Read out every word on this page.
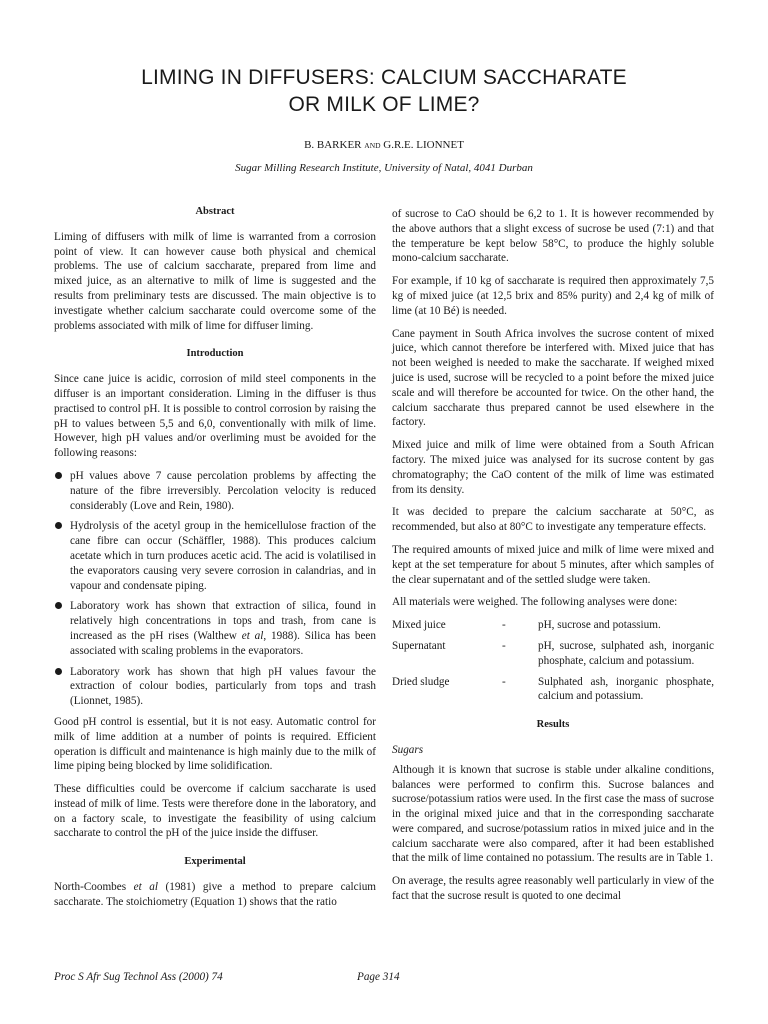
LIMING IN DIFFUSERS: CALCIUM SACCHARATE
OR MILK OF LIME?
B. BARKER AND G.R.E. LIONNET
Sugar Milling Research Institute, University of Natal, 4041 Durban
Abstract

Liming of diffusers with milk of lime is warranted from a corrosion point of view. It can however cause both physical and chemical problems. The use of calcium saccharate, prepared from lime and mixed juice, as an alternative to milk of lime is suggested and the results from preliminary tests are discussed. The main objective is to investigate whether calcium saccharate could overcome some of the problems associated with milk of lime for diffuser liming.

Introduction

Since cane juice is acidic, corrosion of mild steel components in the diffuser is an important consideration. Liming in the diffuser is thus practised to control pH. It is possible to control corrosion by raising the pH to values between 5,5 and 6,0, conventionally with milk of lime. However, high pH values and/or overliming must be avoided for the following reasons:

pH values above 7 cause percolation problems by affecting the nature of the fibre irreversibly. Percolation velocity is reduced considerably (Love and Rein, 1980).
Hydrolysis of the acetyl group in the hemicellulose fraction of the cane fibre can occur (Schäffler, 1988). This produces calcium acetate which in turn produces acetic acid. The acid is volatilised in the evaporators causing very severe corrosion in calandrias, and in vapour and condensate piping.
Laboratory work has shown that extraction of silica, found in relatively high concentrations in tops and trash, from cane is increased as the pH rises (Walthew et al, 1988). Silica has been associated with scaling problems in the evaporators.
Laboratory work has shown that high pH values favour the extraction of colour bodies, particularly from tops and trash (Lionnet, 1985).

Good pH control is essential, but it is not easy. Automatic control for milk of lime addition at a number of points is required. Efficient operation is difficult and maintenance is high mainly due to the milk of lime piping being blocked by lime solidification.

These difficulties could be overcome if calcium saccharate is used instead of milk of lime. Tests were therefore done in the laboratory, and on a factory scale, to investigate the feasibility of using calcium saccharate to control the pH of the juice inside the diffuser.

Experimental

North-Coombes et al (1981) give a method to prepare calcium saccharate. The stoichiometry (Equation 1) shows that the ratio

of sucrose to CaO should be 6,2 to 1. It is however recommended by the above authors that a slight excess of sucrose be used (7:1) and that the temperature be kept below 58°C, to produce the highly soluble mono-calcium saccharate.

For example, if 10 kg of saccharate is required then approximately 7,5 kg of mixed juice (at 12,5 brix and 85% purity) and 2,4 kg of milk of lime (at 10 Bé) is needed.

Cane payment in South Africa involves the sucrose content of mixed juice, which cannot therefore be interfered with. Mixed juice that has not been weighed is needed to make the saccharate. If weighed mixed juice is used, sucrose will be recycled to a point before the mixed juice scale and will therefore be accounted for twice. On the other hand, the calcium saccharate thus prepared cannot be used elsewhere in the factory.

Mixed juice and milk of lime were obtained from a South African factory. The mixed juice was analysed for its sucrose content by gas chromatography; the CaO content of the milk of lime was estimated from its density.

It was decided to prepare the calcium saccharate at 50°C, as recommended, but also at 80°C to investigate any temperature effects.

The required amounts of mixed juice and milk of lime were mixed and kept at the set temperature for about 5 minutes, after which samples of the clear supernatant and of the settled sludge were taken.

All materials were weighed. The following analyses were done:

Mixed juice	-	pH, sucrose and potassium.
Supernatant	-	pH, sucrose, sulphated ash, inorganic phosphate, calcium and potassium.
Dried sludge	-	Sulphated ash, inorganic phosphate, calcium and potassium.
Results
Sugars

Although it is known that sucrose is stable under alkaline conditions, balances were performed to confirm this. Sucrose balances and sucrose/potassium ratios were used. In the first case the mass of sucrose in the original mixed juice and that in the corresponding saccharate were compared, and sucrose/potassium ratios in mixed juice and in the calcium saccharate were also compared, after it had been established that the milk of lime contained no potassium. The results are in Table 1.

On average, the results agree reasonably well particularly in view of the fact that the sucrose result is quoted to one decimal

Proc S Afr Sug Technol Ass (2000) 74	Page 314
